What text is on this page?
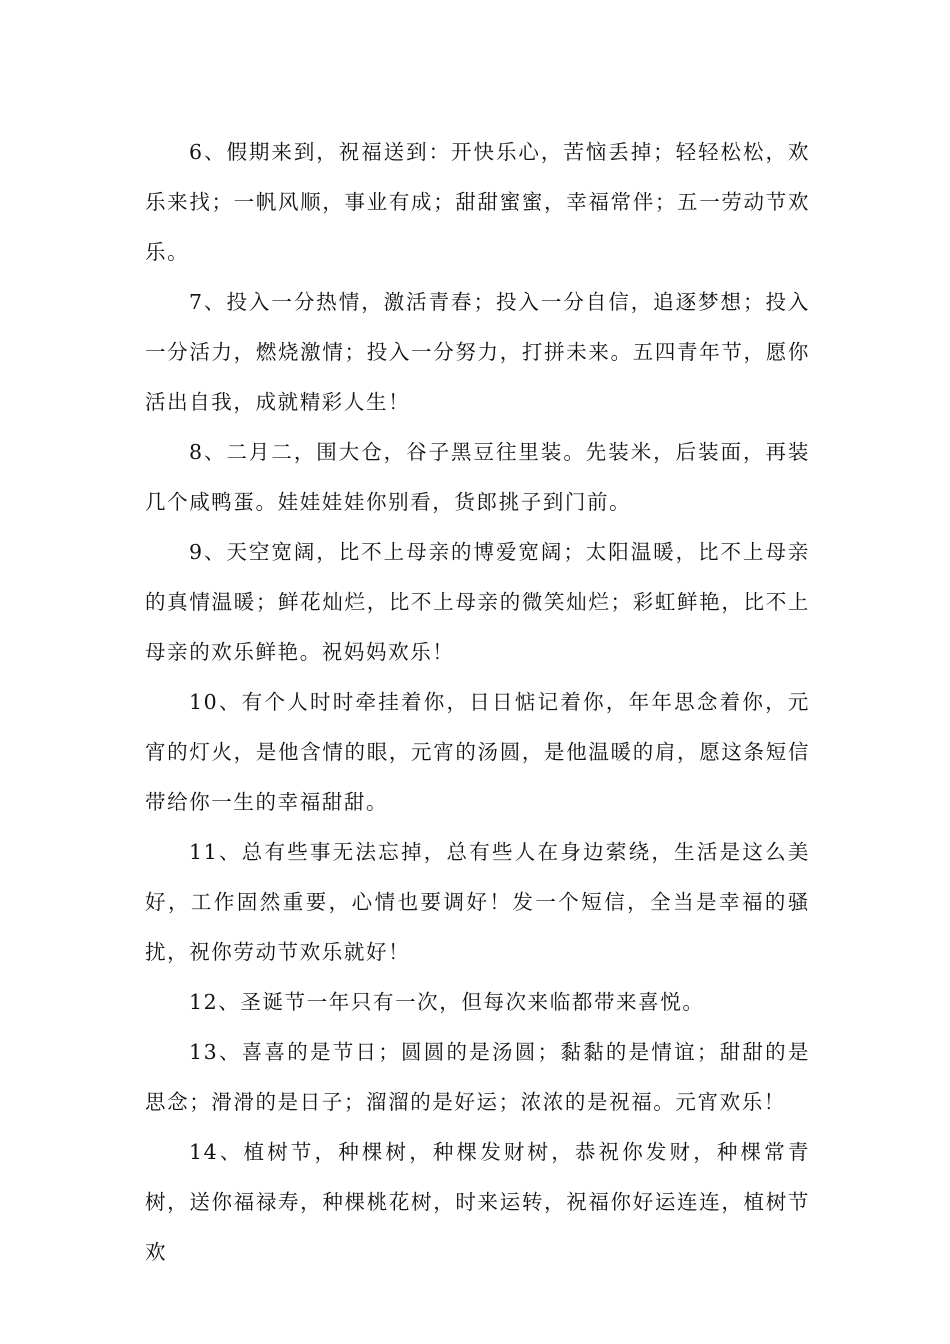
6、假期来到，祝福送到：开快乐心，苦恼丢掉；轻轻松松，欢乐来找；一帆风顺，事业有成；甜甜蜜蜜，幸福常伴；五一劳动节欢乐。

7、投入一分热情，激活青春；投入一分自信，追逐梦想；投入一分活力，燃烧激情；投入一分努力，打拼未来。五四青年节，愿你活出自我，成就精彩人生！

8、二月二，围大仓，谷子黑豆往里装。先装米，后装面，再装几个咸鸭蛋。娃娃娃娃你别看，货郎挑子到门前。

9、天空宽阔，比不上母亲的博爱宽阔；太阳温暖，比不上母亲的真情温暖；鲜花灿烂，比不上母亲的微笑灿烂；彩虹鲜艳，比不上母亲的欢乐鲜艳。祝妈妈欢乐！

10、有个人时时牵挂着你，日日惦记着你，年年思念着你，元宵的灯火，是他含情的眼，元宵的汤圆，是他温暖的肩，愿这条短信带给你一生的幸福甜甜。

11、总有些事无法忘掉，总有些人在身边萦绕，生活是这么美好，工作固然重要，心情也要调好！发一个短信，全当是幸福的骚扰，祝你劳动节欢乐就好！

12、圣诞节一年只有一次，但每次来临都带来喜悦。

13、喜喜的是节日；圆圆的是汤圆；黏黏的是情谊；甜甜的是思念；滑滑的是日子；溜溜的是好运；浓浓的是祝福。元宵欢乐！

14、植树节，种棵树，种棵发财树，恭祝你发财，种棵常青树，送你福禄寿，种棵桃花树，时来运转，祝福你好运连连，植树节欢
